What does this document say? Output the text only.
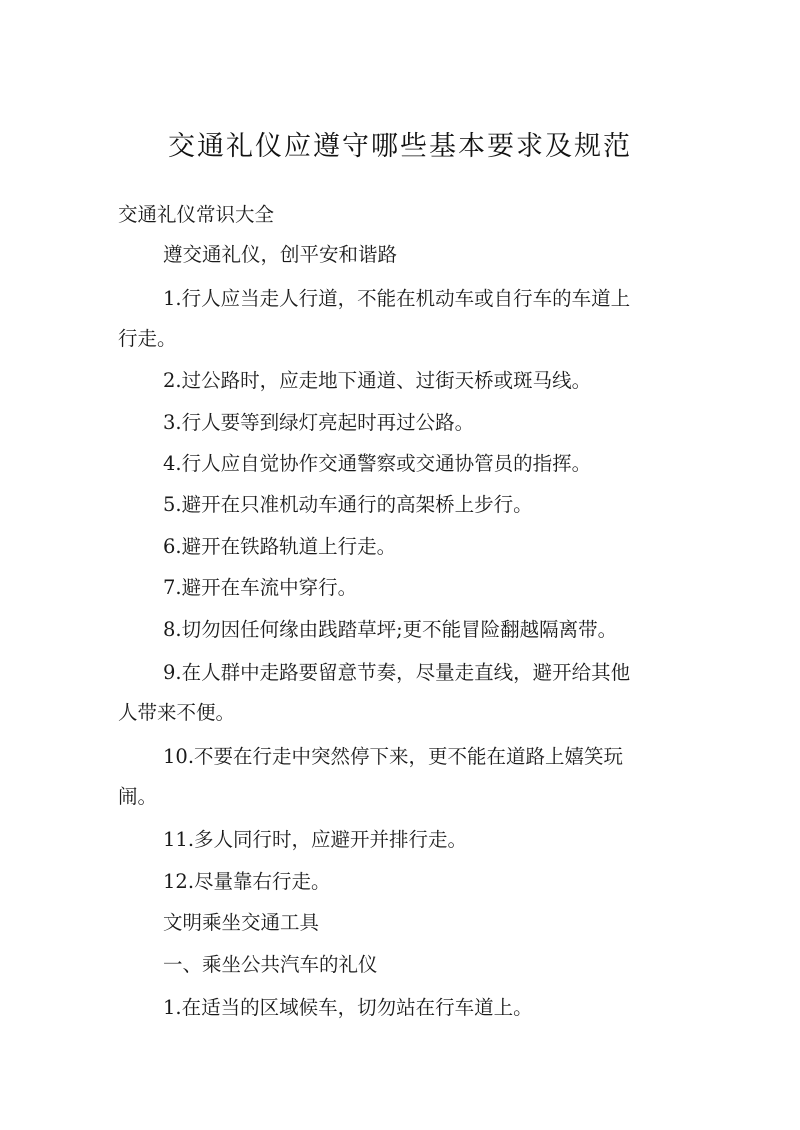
交通礼仪应遵守哪些基本要求及规范
交通礼仪常识大全
遵交通礼仪，创平安和谐路
1.行人应当走人行道，不能在机动车或自行车的车道上
行走。
2.过公路时，应走地下通道、过街天桥或斑马线。
3.行人要等到绿灯亮起时再过公路。
4.行人应自觉协作交通警察或交通协管员的指挥。
5.避开在只准机动车通行的高架桥上步行。
6.避开在铁路轨道上行走。
7.避开在车流中穿行。
8.切勿因任何缘由践踏草坪;更不能冒险翻越隔离带。
9.在人群中走路要留意节奏，尽量走直线，避开给其他
人带来不便。
10.不要在行走中突然停下来，更不能在道路上嬉笑玩
闹。
11.多人同行时，应避开并排行走。
12.尽量靠右行走。
文明乘坐交通工具
一、乘坐公共汽车的礼仪
1.在适当的区域候车，切勿站在行车道上。
